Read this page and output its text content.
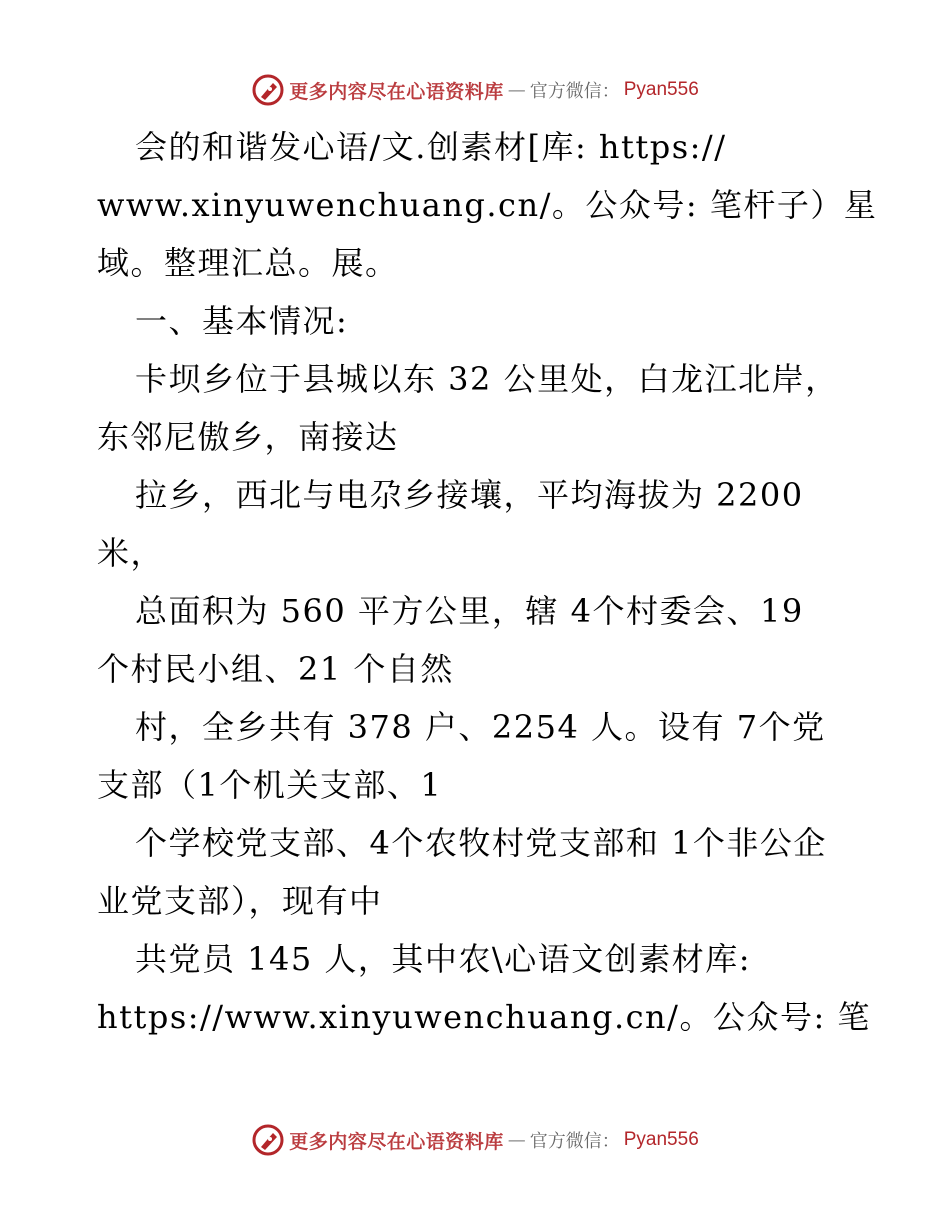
更多内容尽在心语资料库 — 官方微信： Pyan556
会的和谐发心语/文.创素材[库: https://
www.xinyuwenchuang.cn/。公众号: 笔杆子）星
域。整理汇总。展。
一、基本情况:
卡坝乡位于县城以东 32 公里处，白龙江北岸，
东邻尼傲乡，南接达
拉乡，西北与电尕乡接壤，平均海拔为 2200
米，
总面积为 560 平方公里，辖 4个村委会、19
个村民小组、21 个自然
村，全乡共有 378 户、2254 人。设有 7个党
支部（1个机关支部、1
个学校党支部、4个农牧村党支部和 1个非公企
业党支部），现有中
共党员 145 人，其中农\心语文创素材库:
https://www.xinyuwenchuang.cn/。公众号: 笔
更多内容尽在心语资料库 — 官方微信： Pyan556
